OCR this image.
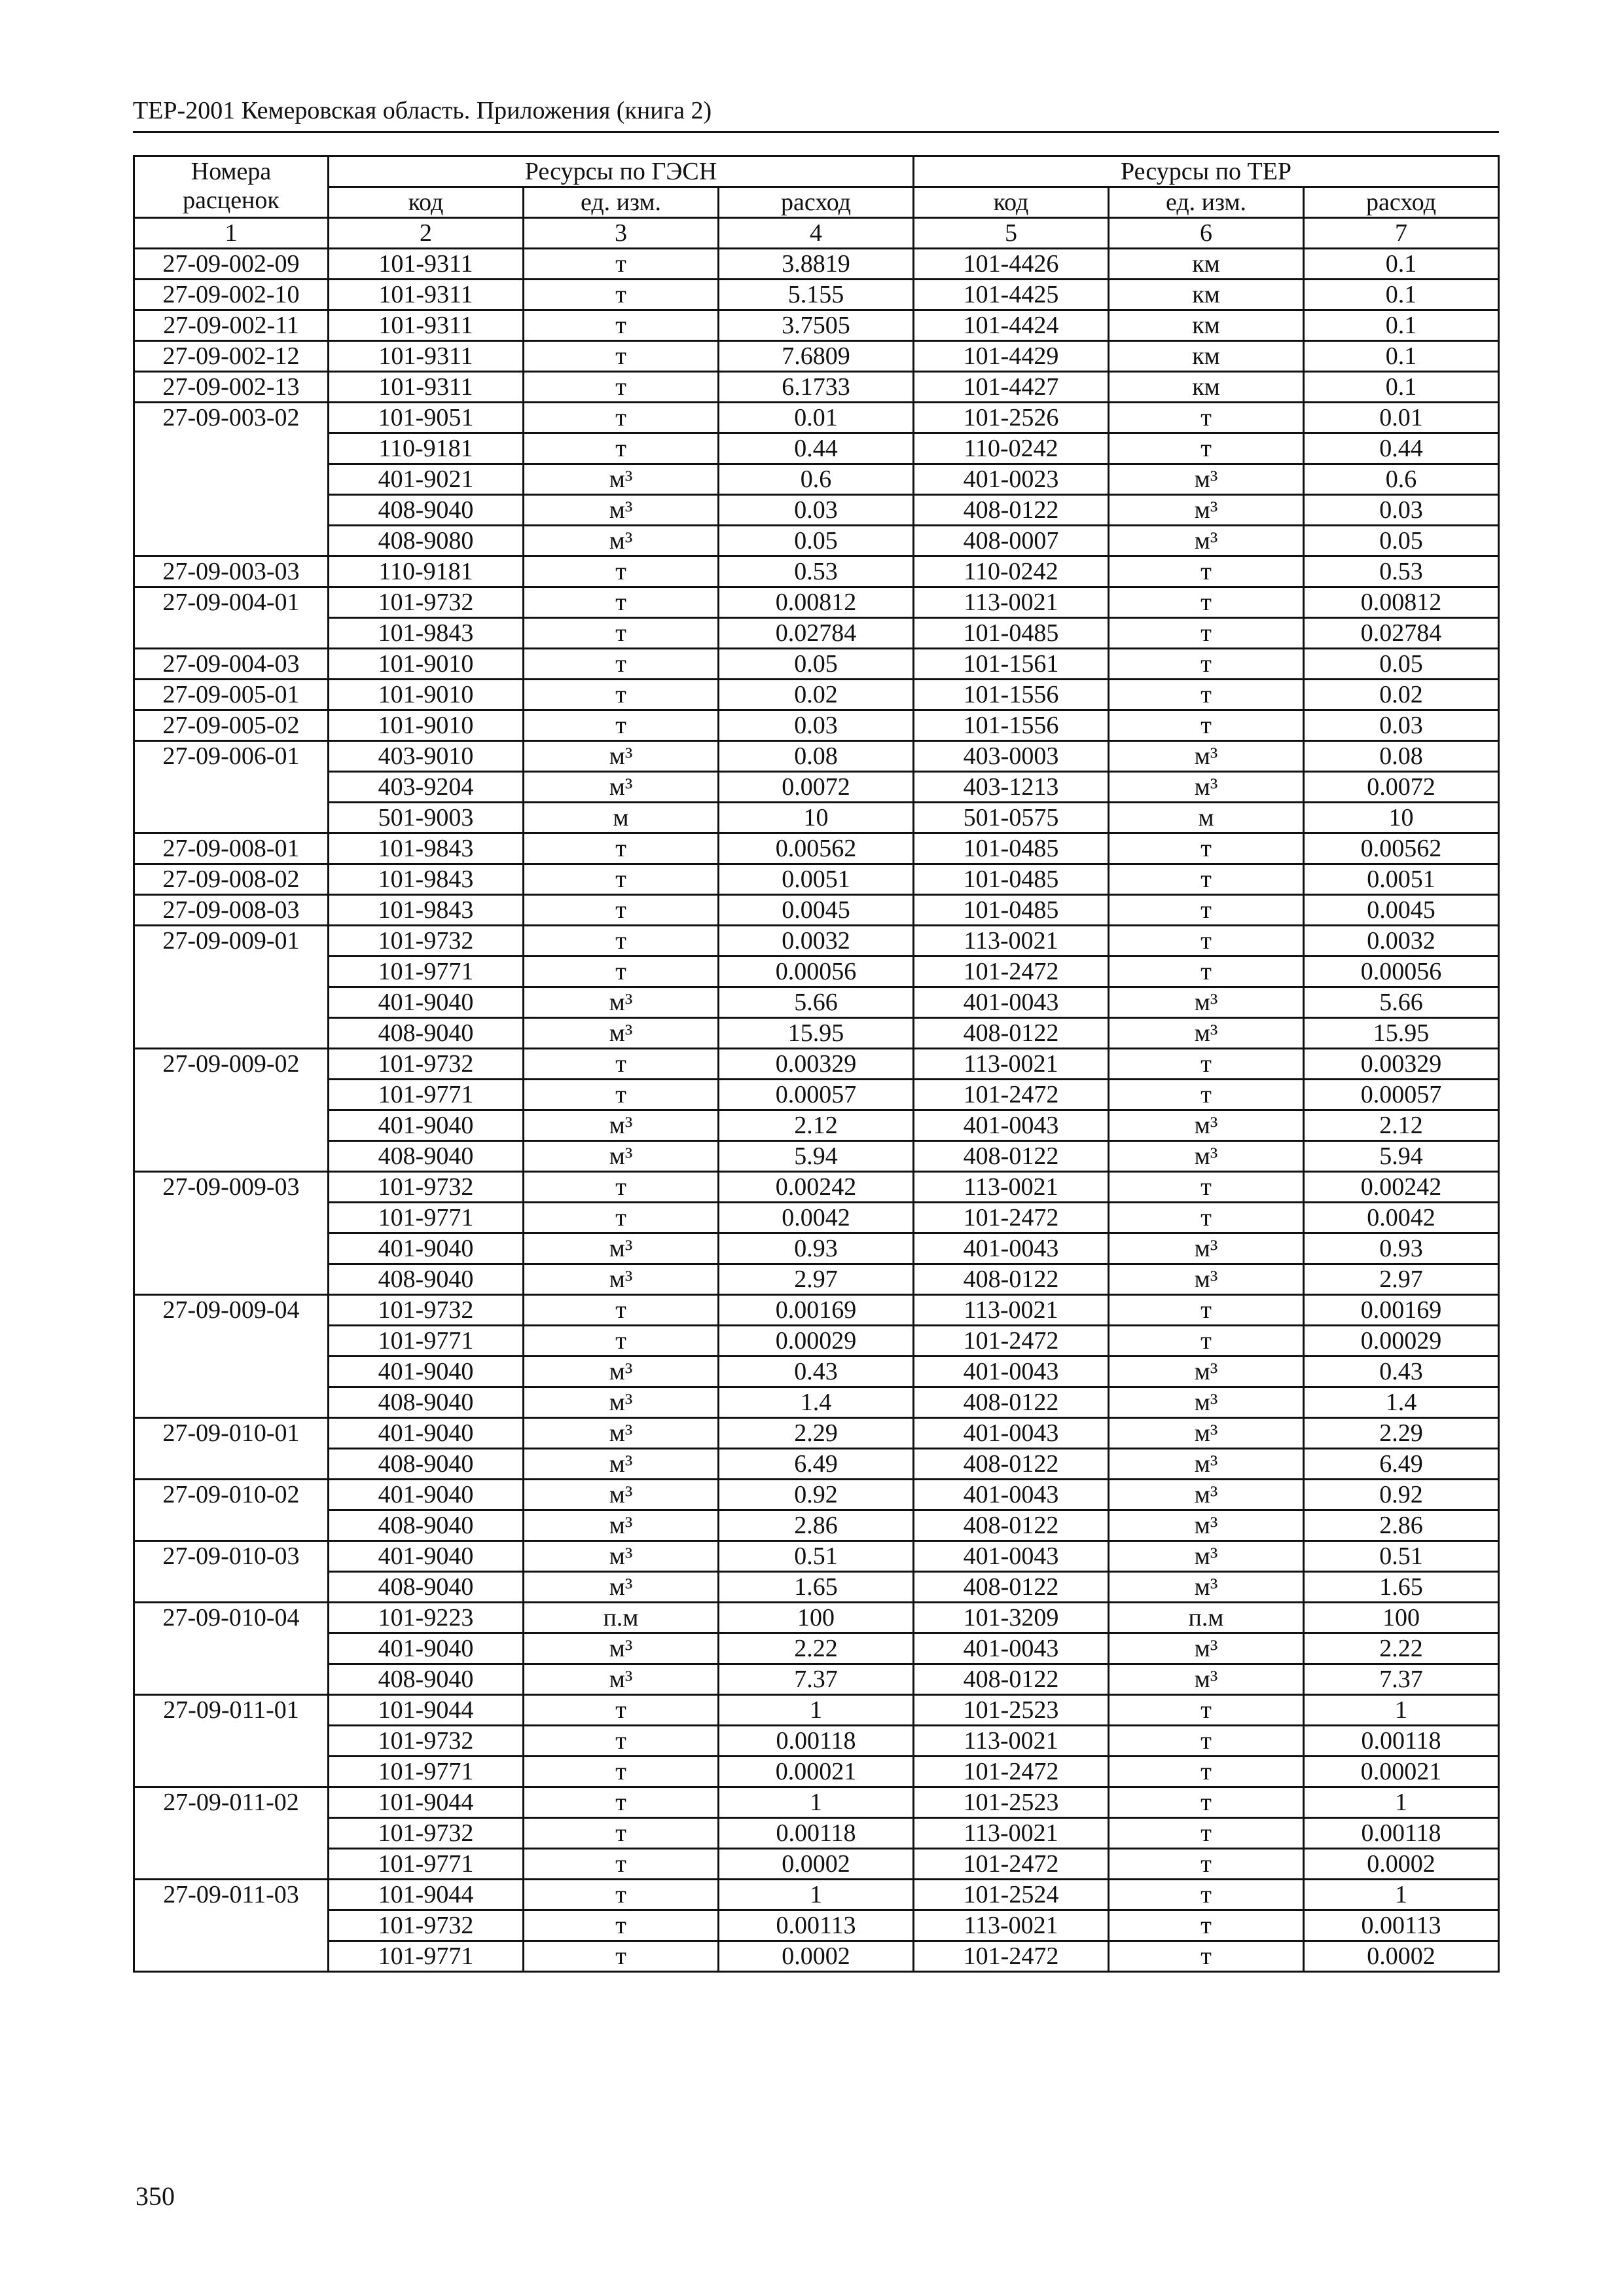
ТЕР-2001 Кемеровская область. Приложения (книга 2)
Номера
расценок	Ресурсы по ГЭСН			Ресурсы по ТЕР		
	код	ед. изм.	расход	код	ед. изм.	расход
1	2	3	4	5	6	7
27-09-002-09	101-9311	т	3.8819	101-4426	км	0.1
27-09-002-10	101-9311	т	5.155	101-4425	км	0.1
27-09-002-11	101-9311	т	3.7505	101-4424	км	0.1
27-09-002-12	101-9311	т	7.6809	101-4429	км	0.1
27-09-002-13	101-9311	т	6.1733	101-4427	км	0.1
27-09-003-02	101-9051	т	0.01	101-2526	т	0.01
	110-9181	т	0.44	110-0242	т	0.44
	401-9021	м³	0.6	401-0023	м³	0.6
	408-9040	м³	0.03	408-0122	м³	0.03
	408-9080	м³	0.05	408-0007	м³	0.05
27-09-003-03	110-9181	т	0.53	110-0242	т	0.53
27-09-004-01	101-9732	т	0.00812	113-0021	т	0.00812
	101-9843	т	0.02784	101-0485	т	0.02784
27-09-004-03	101-9010	т	0.05	101-1561	т	0.05
27-09-005-01	101-9010	т	0.02	101-1556	т	0.02
27-09-005-02	101-9010	т	0.03	101-1556	т	0.03
27-09-006-01	403-9010	м³	0.08	403-0003	м³	0.08
	403-9204	м³	0.0072	403-1213	м³	0.0072
	501-9003	м	10	501-0575	м	10
27-09-008-01	101-9843	т	0.00562	101-0485	т	0.00562
27-09-008-02	101-9843	т	0.0051	101-0485	т	0.0051
27-09-008-03	101-9843	т	0.0045	101-0485	т	0.0045
27-09-009-01	101-9732	т	0.0032	113-0021	т	0.0032
	101-9771	т	0.00056	101-2472	т	0.00056
	401-9040	м³	5.66	401-0043	м³	5.66
	408-9040	м³	15.95	408-0122	м³	15.95
27-09-009-02	101-9732	т	0.00329	113-0021	т	0.00329
	101-9771	т	0.00057	101-2472	т	0.00057
	401-9040	м³	2.12	401-0043	м³	2.12
	408-9040	м³	5.94	408-0122	м³	5.94
27-09-009-03	101-9732	т	0.00242	113-0021	т	0.00242
	101-9771	т	0.0042	101-2472	т	0.0042
	401-9040	м³	0.93	401-0043	м³	0.93
	408-9040	м³	2.97	408-0122	м³	2.97
27-09-009-04	101-9732	т	0.00169	113-0021	т	0.00169
	101-9771	т	0.00029	101-2472	т	0.00029
	401-9040	м³	0.43	401-0043	м³	0.43
	408-9040	м³	1.4	408-0122	м³	1.4
27-09-010-01	401-9040	м³	2.29	401-0043	м³	2.29
	408-9040	м³	6.49	408-0122	м³	6.49
27-09-010-02	401-9040	м³	0.92	401-0043	м³	0.92
	408-9040	м³	2.86	408-0122	м³	2.86
27-09-010-03	401-9040	м³	0.51	401-0043	м³	0.51
	408-9040	м³	1.65	408-0122	м³	1.65
27-09-010-04	101-9223	п.м	100	101-3209	п.м	100
	401-9040	м³	2.22	401-0043	м³	2.22
	408-9040	м³	7.37	408-0122	м³	7.37
27-09-011-01	101-9044	т	1	101-2523	т	1
	101-9732	т	0.00118	113-0021	т	0.00118
	101-9771	т	0.00021	101-2472	т	0.00021
27-09-011-02	101-9044	т	1	101-2523	т	1
	101-9732	т	0.00118	113-0021	т	0.00118
	101-9771	т	0.0002	101-2472	т	0.0002
27-09-011-03	101-9044	т	1	101-2524	т	1
	101-9732	т	0.00113	113-0021	т	0.00113
	101-9771	т	0.0002	101-2472	т	0.0002
350
